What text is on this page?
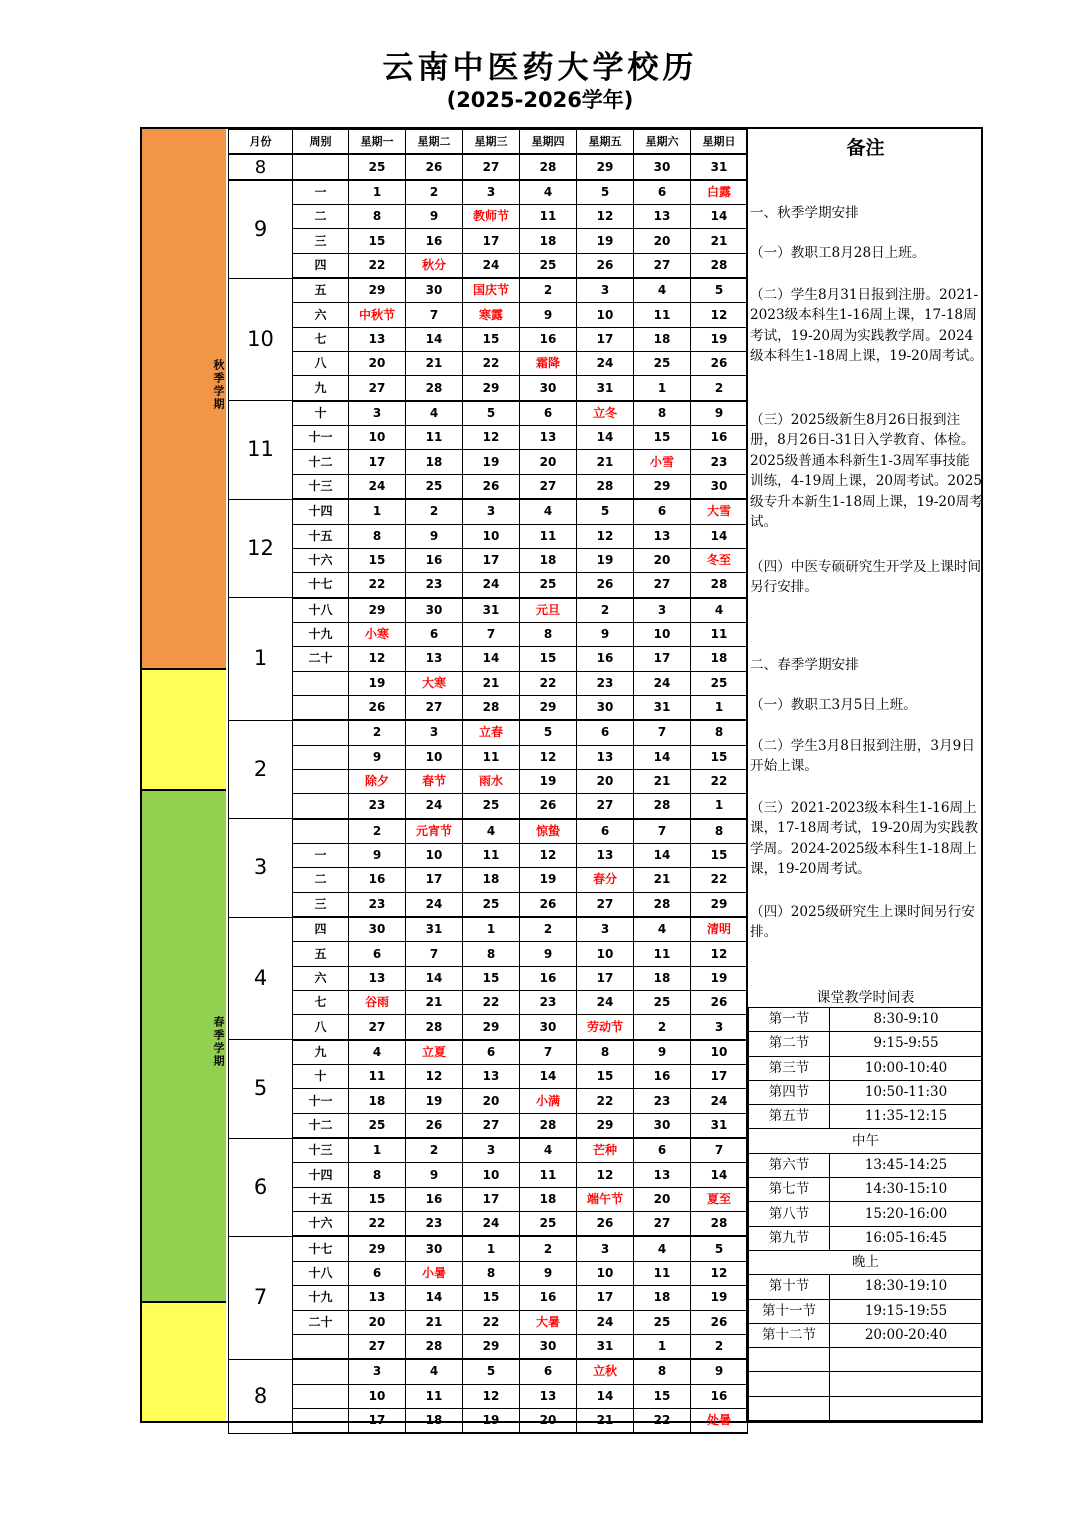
云南中医药大学校历
(2025-2026学年)
秋季学期
春季学期
月份	周别	星期一	星期二	星期三	星期四	星期五	星期六	星期日
8		25	26	27	28	29	30	31
9	一	1	2	3	4	5	6	白露
	二	8	9	教师节	11	12	13	14
	三	15	16	17	18	19	20	21
	四	22	秋分	24	25	26	27	28
10	五	29	30	国庆节	2	3	4	5
	六	中秋节	7	寒露	9	10	11	12
	七	13	14	15	16	17	18	19
	八	20	21	22	霜降	24	25	26
	九	27	28	29	30	31	1	2
11	十	3	4	5	6	立冬	8	9
	十一	10	11	12	13	14	15	16
	十二	17	18	19	20	21	小雪	23
	十三	24	25	26	27	28	29	30
12	十四	1	2	3	4	5	6	大雪
	十五	8	9	10	11	12	13	14
	十六	15	16	17	18	19	20	冬至
	十七	22	23	24	25	26	27	28
1	十八	29	30	31	元旦	2	3	4
	十九	小寒	6	7	8	9	10	11
	二十	12	13	14	15	16	17	18
		19	大寒	21	22	23	24	25
		26	27	28	29	30	31	1
2		2	3	立春	5	6	7	8
		9	10	11	12	13	14	15
		除夕	春节	雨水	19	20	21	22
		23	24	25	26	27	28	1
3		2	元宵节	4	惊蛰	6	7	8
	一	9	10	11	12	13	14	15
	二	16	17	18	19	春分	21	22
	三	23	24	25	26	27	28	29
4	四	30	31	1	2	3	4	清明
	五	6	7	8	9	10	11	12
	六	13	14	15	16	17	18	19
	七	谷雨	21	22	23	24	25	26
	八	27	28	29	30	劳动节	2	3
5	九	4	立夏	6	7	8	9	10
	十	11	12	13	14	15	16	17
	十一	18	19	20	小满	22	23	24
	十二	25	26	27	28	29	30	31
6	十三	1	2	3	4	芒种	6	7
	十四	8	9	10	11	12	13	14
	十五	15	16	17	18	端午节	20	夏至
	十六	22	23	24	25	26	27	28
7	十七	29	30	1	2	3	4	5
	十八	6	小暑	8	9	10	11	12
	十九	13	14	15	16	17	18	19
	二十	20	21	22	大暑	24	25	26
		27	28	29	30	31	1	2
8		3	4	5	6	立秋	8	9
		10	11	12	13	14	15	16
		17	18	19	20	21	22	处暑
备注
一、秋季学期安排
（一）教职工8月28日上班。
（二）学生8月31日报到注册。2021-2023级本科生1-16周上课，17-18周考试，19-20周为实践教学周。2024级本科生1-18周上课，19-20周考试。
（三）2025级新生8月26日报到注册，8月26日-31日入学教育、体检。2025级普通本科新生1-3周军事技能训练，4-19周上课，20周考试。2025级专升本新生1-18周上课，19-20周考试。
（四）中医专硕研究生开学及上课时间另行安排。
二、春季学期安排
（一）教职工3月5日上班。
（二）学生3月8日报到注册，3月9日开始上课。
（三）2021-2023级本科生1-16周上课，17-18周考试，19-20周为实践教学周。2024-2025级本科生1-18周上课，19-20周考试。
（四）2025级研究生上课时间另行安排。
课堂教学时间表
第一节	8:30-9:10
第二节	9:15-9:55
第三节	10:00-10:40
第四节	10:50-11:30
第五节	11:35-12:15
中午	
第六节	13:45-14:25
第七节	14:30-15:10
第八节	15:20-16:00
第九节	16:05-16:45
晚上	
第十节	18:30-19:10
第十一节	19:15-19:55
第十二节	20:00-20:40
